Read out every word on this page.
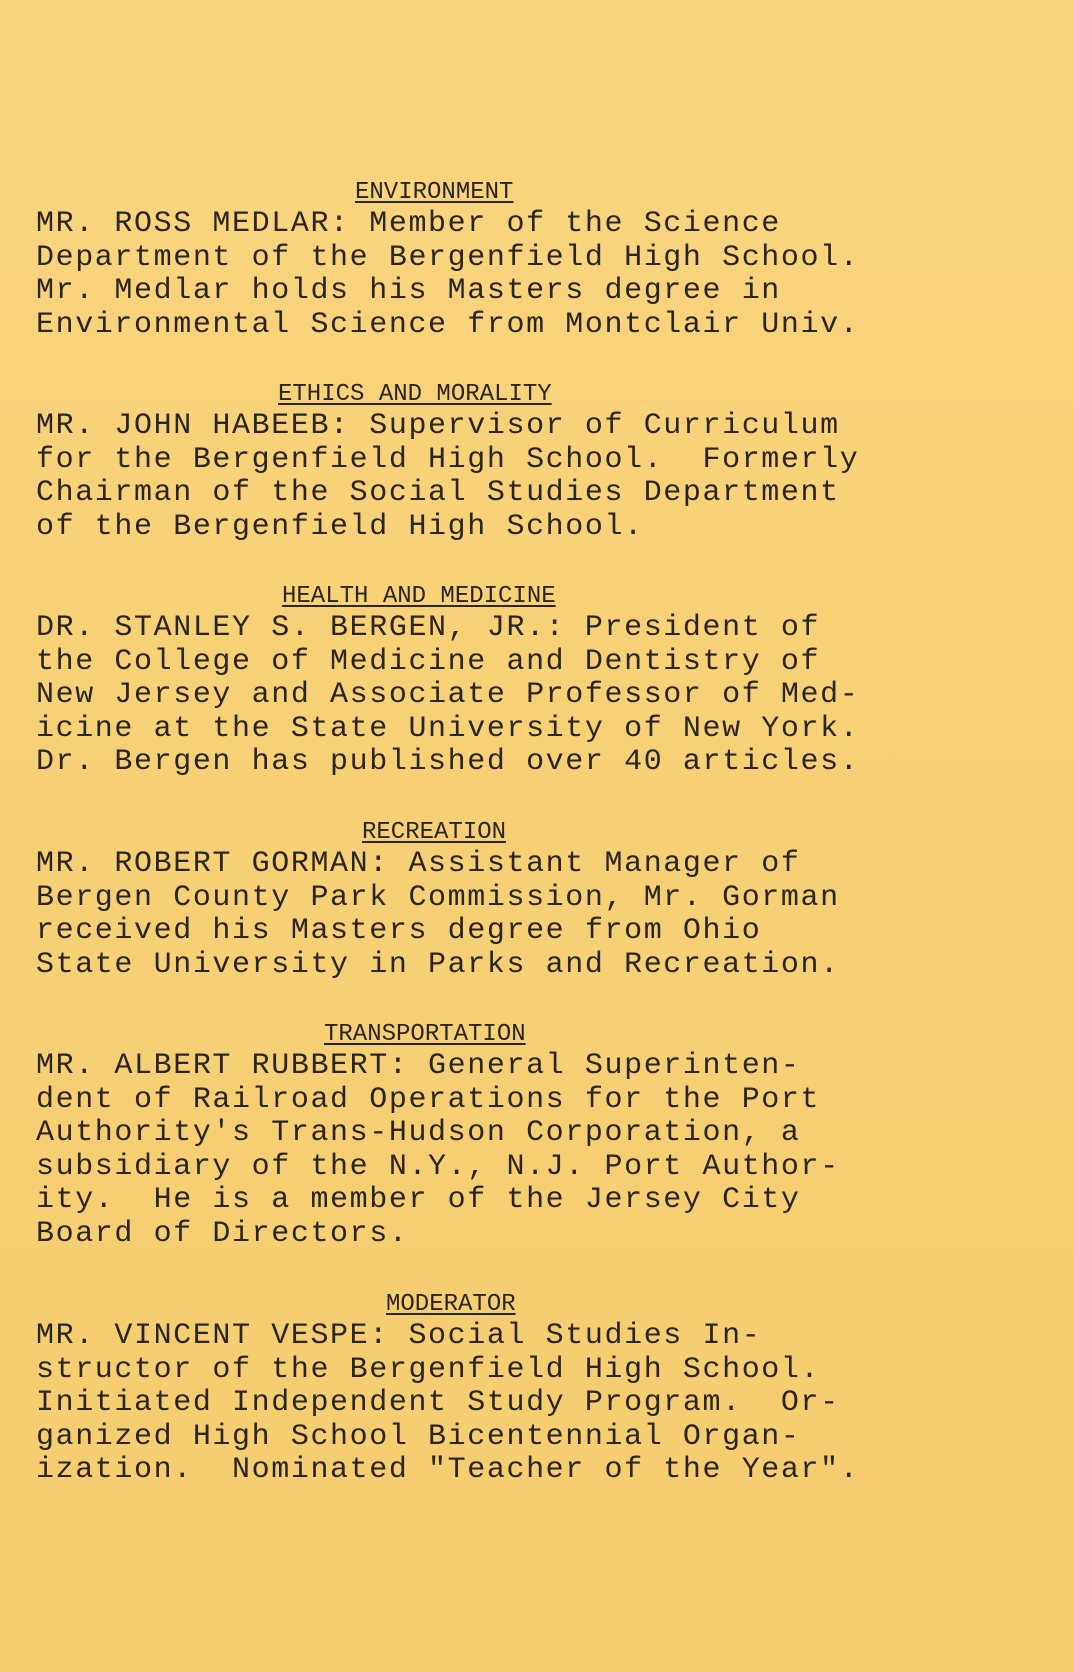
ENVIRONMENT
MR. ROSS MEDLAR: Member of the Science
Department of the Bergenfield High School.
Mr. Medlar holds his Masters degree in
Environmental Science from Montclair Univ.
ETHICS AND MORALITY
MR. JOHN HABEEB: Supervisor of Curriculum
for the Bergenfield High School.  Formerly
Chairman of the Social Studies Department
of the Bergenfield High School.
HEALTH AND MEDICINE
DR. STANLEY S. BERGEN, JR.: President of
the College of Medicine and Dentistry of
New Jersey and Associate Professor of Med-
icine at the State University of New York.
Dr. Bergen has published over 40 articles.
RECREATION
MR. ROBERT GORMAN: Assistant Manager of
Bergen County Park Commission, Mr. Gorman
received his Masters degree from Ohio
State University in Parks and Recreation.
TRANSPORTATION
MR. ALBERT RUBBERT: General Superinten-
dent of Railroad Operations for the Port
Authority's Trans-Hudson Corporation, a
subsidiary of the N.Y., N.J. Port Author-
ity.  He is a member of the Jersey City
Board of Directors.
MODERATOR
MR. VINCENT VESPE: Social Studies In-
structor of the Bergenfield High School.
Initiated Independent Study Program.  Or-
ganized High School Bicentennial Organ-
ization.  Nominated "Teacher of the Year".
